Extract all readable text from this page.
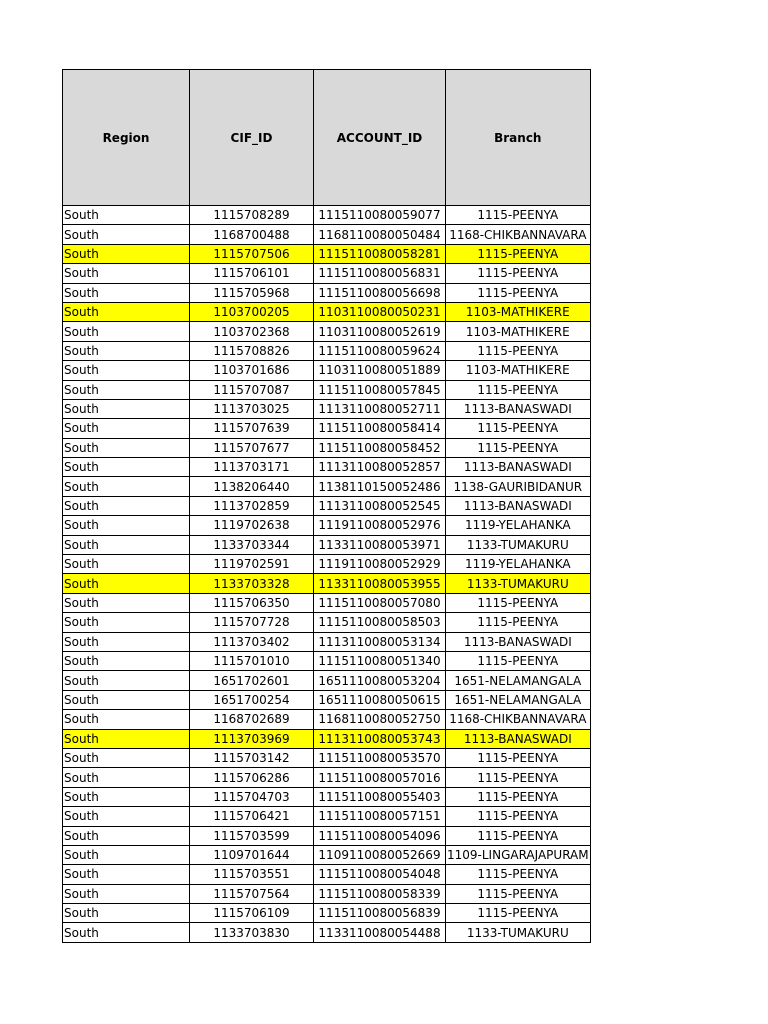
Region	CIF_ID	ACCOUNT_ID	Branch
South	1115708289	1115110080059077	1115-PEENYA
South	1168700488	1168110080050484	1168-CHIKBANNAVARA
South	1115707506	1115110080058281	1115-PEENYA
South	1115706101	1115110080056831	1115-PEENYA
South	1115705968	1115110080056698	1115-PEENYA
South	1103700205	1103110080050231	1103-MATHIKERE
South	1103702368	1103110080052619	1103-MATHIKERE
South	1115708826	1115110080059624	1115-PEENYA
South	1103701686	1103110080051889	1103-MATHIKERE
South	1115707087	1115110080057845	1115-PEENYA
South	1113703025	1113110080052711	1113-BANASWADI
South	1115707639	1115110080058414	1115-PEENYA
South	1115707677	1115110080058452	1115-PEENYA
South	1113703171	1113110080052857	1113-BANASWADI
South	1138206440	1138110150052486	1138-GAURIBIDANUR
South	1113702859	1113110080052545	1113-BANASWADI
South	1119702638	1119110080052976	1119-YELAHANKA
South	1133703344	1133110080053971	1133-TUMAKURU
South	1119702591	1119110080052929	1119-YELAHANKA
South	1133703328	1133110080053955	1133-TUMAKURU
South	1115706350	1115110080057080	1115-PEENYA
South	1115707728	1115110080058503	1115-PEENYA
South	1113703402	1113110080053134	1113-BANASWADI
South	1115701010	1115110080051340	1115-PEENYA
South	1651702601	1651110080053204	1651-NELAMANGALA
South	1651700254	1651110080050615	1651-NELAMANGALA
South	1168702689	1168110080052750	1168-CHIKBANNAVARA
South	1113703969	1113110080053743	1113-BANASWADI
South	1115703142	1115110080053570	1115-PEENYA
South	1115706286	1115110080057016	1115-PEENYA
South	1115704703	1115110080055403	1115-PEENYA
South	1115706421	1115110080057151	1115-PEENYA
South	1115703599	1115110080054096	1115-PEENYA
South	1109701644	1109110080052669	1109-LINGARAJAPURAM
South	1115703551	1115110080054048	1115-PEENYA
South	1115707564	1115110080058339	1115-PEENYA
South	1115706109	1115110080056839	1115-PEENYA
South	1133703830	1133110080054488	1133-TUMAKURU
